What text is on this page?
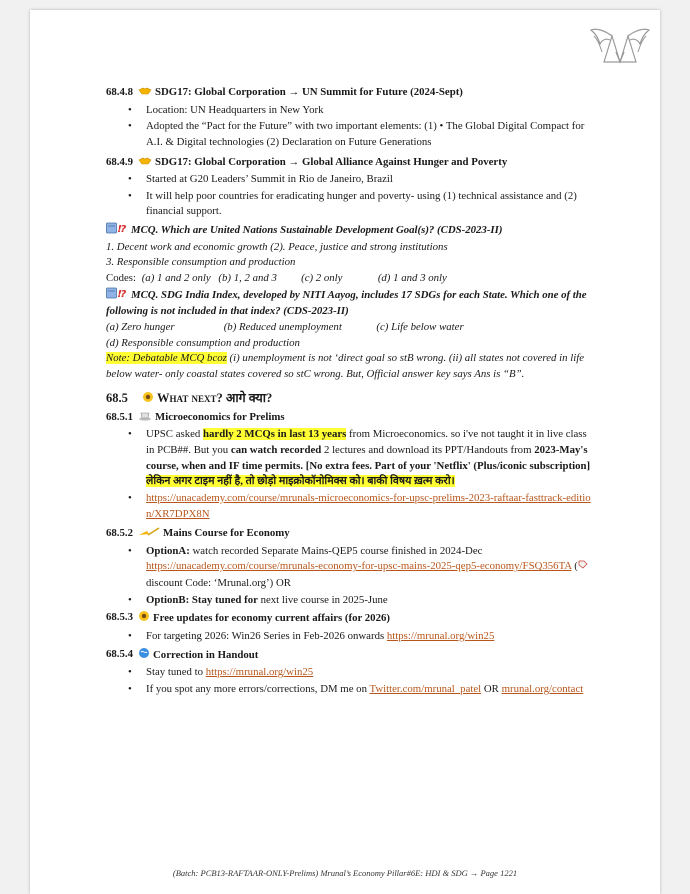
68.4.8	SDG17: Global Corporation → UN Summit for Future (2024-Sept)
• Location: UN Headquarters in New York
• Adopted the “Pact for the Future” with two important elements: (1) • The Global Digital Compact for A.I. & Digital technologies (2) Declaration on Future Generations
68.4.9	SDG17: Global Corporation → Global Alliance Against Hunger and Poverty
• Started at G20 Leaders’ Summit in Rio de Janeiro, Brazil
• It will help poor countries for eradicating hunger and poverty- using (1) technical assistance and (2) financial support.
⁉ MCQ. Which are United Nations Sustainable Development Goal(s)? (CDS-2023-II)
1. Decent work and economic growth (2). Peace, justice and strong institutions
3. Responsible consumption and production
Codes: (a) 1 and 2 only (b) 1, 2 and 3 (c) 2 only	(d) 1 and 3 only
⁉ MCQ. SDG India Index, developed by NITI Aayog, includes 17 SDGs for each State. Which one of the following is not included in that index? (CDS-2023-II)
(a) Zero hunger	(b) Reduced unemployment	(c) Life below water
(d) Responsible consumption and production
Note: Debatable MCQ bcoz (i) unemployment is not ‘direct goal so stB wrong. (ii) all states not covered in life below water- only coastal states covered so stC wrong. But, Official answer key says Ans is “B”.
68.5	What next? आगे क्या?
68.5.1	Microeconomics for Prelims
• UPSC asked hardly 2 MCQs in last 13 years from Microeconomics. so i've not taught it in live class in PCB##. But you can watch recorded 2 lectures and download its PPT/Handouts from 2023-May's course, when and IF time permits. [No extra fees. Part of your 'Netflix' (Plus/iconic subscription] लेकिन अगर टाइम नहीं है, तो छोड़ो माइक्रोकॉनोमिक्स को। बाकी विषय ख़त्म करो।
• https://unacademy.com/course/mrunals-microeconomics-for-upsc-prelims-2023-raftaar-fasttrack-edition/XR7DPX8N
68.5.2	Mains Course for Economy
• OptionA: watch recorded Separate Mains-QEP5 course finished in 2024-Dec
https://unacademy.com/course/mrunals-economy-for-upsc-mains-2025-qep5-economy/FSQ356TA (discount Code: ‘Mrunal.org’) OR
• OptionB: Stay tuned for next live course in 2025-June
68.5.3	Free updates for economy current affairs (for 2026)
• For targeting 2026: Win26 Series in Feb-2026 onwards https://mrunal.org/win25
68.5.4	Correction in Handout
• Stay tuned to https://mrunal.org/win25
• If you spot any more errors/corrections, DM me on Twitter.com/mrunal_patel OR mrunal.org/contact
(Batch: PCB13-RAFTAAR-ONLY-Prelims) Mrunal’s Economy Pillar#6E: HDI & SDG → Page 1221
